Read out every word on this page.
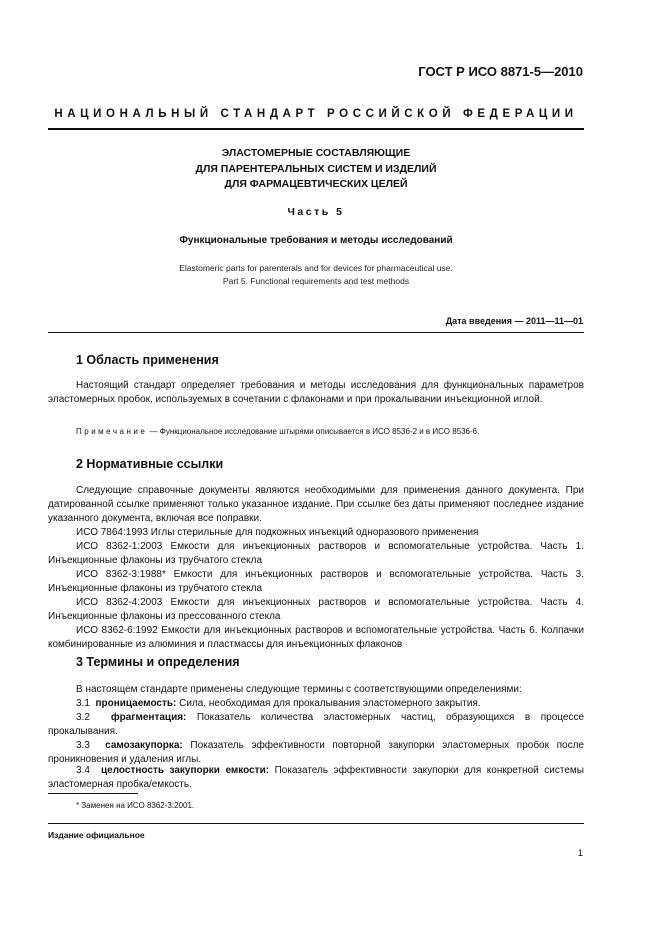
ГОСТ Р ИСО 8871-5—2010
НАЦИОНАЛЬНЫЙ СТАНДАРТ РОССИЙСКОЙ ФЕДЕРАЦИИ
ЭЛАСТОМЕРНЫЕ СОСТАВЛЯЮЩИЕ
ДЛЯ ПАРЕНТЕРАЛЬНЫХ СИСТЕМ И ИЗДЕЛИЙ
ДЛЯ ФАРМАЦЕВТИЧЕСКИХ ЦЕЛЕЙ
Часть 5
Функциональные требования и методы исследований
Elastomeric parts for parenterals and for devices for pharmaceutical use.
Part 5. Functional requirements and test methods
Дата введения — 2011—11—01
1 Область применения
Настоящий стандарт определяет требования и методы исследования для функциональных параметров эластомерных пробок, используемых в сочетании с флаконами и при прокалывании инъекционной иглой.
Примечание — Функциональное исследование штырями описывается в ИСО 8536-2 и в ИСО 8536-6.
2 Нормативные ссылки
Следующие справочные документы являются необходимыми для применения данного документа. При датированной ссылке применяют только указанное издание. При ссылке без даты применяют последнее издание указанного документа, включая все поправки.
ИСО 7864:1993 Иглы стерильные для подкожных инъекций одноразового применения
ИСО 8362-1:2003 Емкости для инъекционных растворов и вспомогательные устройства. Часть 1. Инъекционные флаконы из трубчатого стекла
ИСО 8362-3:1988* Емкости для инъекционных растворов и вспомогательные устройства. Часть 3. Инъекционные флаконы из трубчатого стекла
ИСО 8362-4:2003 Емкости для инъекционных растворов и вспомогательные устройства. Часть 4. Инъекционные флаконы из прессованного стекла
ИСО 8362-6:1992 Емкости для инъекционных растворов и вспомогательные устройства. Часть 6. Колпачки комбинированные из алюминия и пластмассы для инъекционных флаконов
3 Термины и определения
В настоящем стандарте применены следующие термины с соответствующими определениями:
3.1 проницаемость: Сила, необходимая для прокалывания эластомерного закрытия.
3.2 фрагментация: Показатель количества эластомерных частиц, образующихся в процессе прокалывания.
3.3 самозакупорка: Показатель эффективности повторной закупорки эластомерных пробок после проникновения и удаления иглы.
3.4 целостность закупорки емкости: Показатель эффективности закупорки для конкретной системы эластомерная пробка/емкость.
* Заменен на ИСО 8362-3:2001.
Издание официальное
1
